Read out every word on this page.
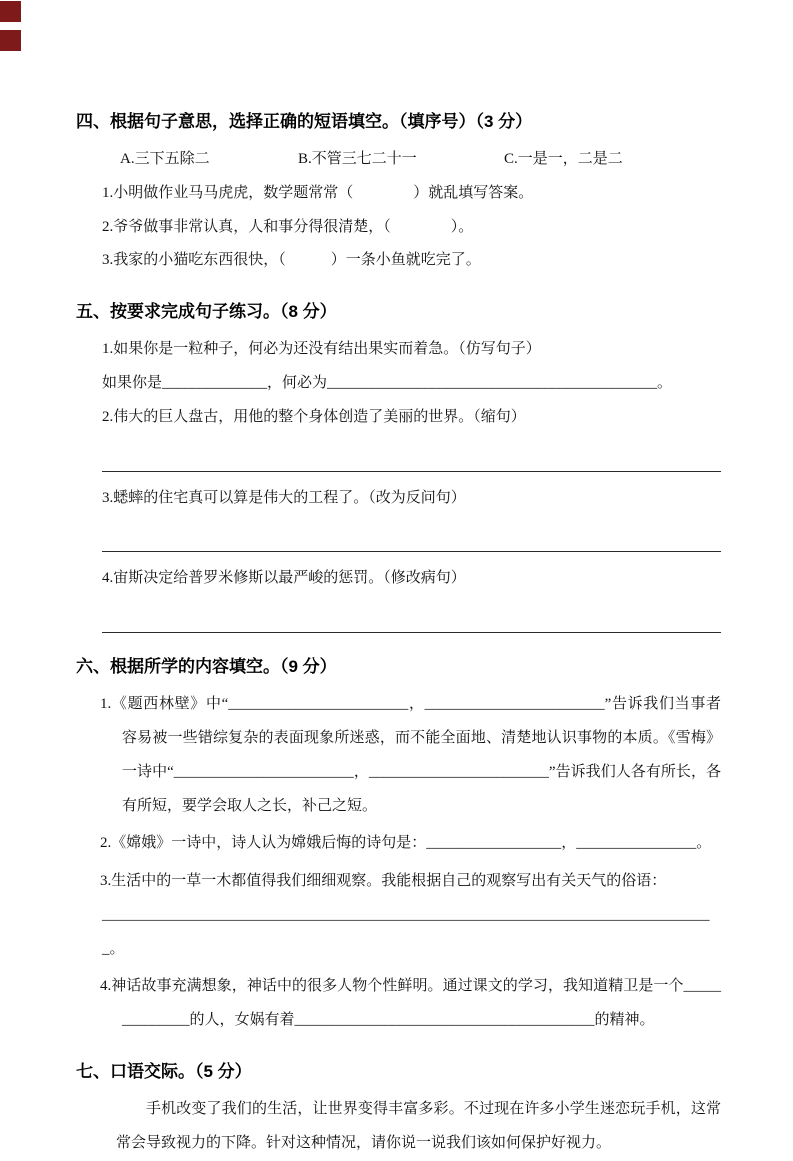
四、根据句子意思，选择正确的短语填空。（填序号）（3 分）
A.三下五除二	B.不管三七二十一	C.一是一，二是二
1.小明做作业马马虎虎，数学题常常（　　　　）就乱填写答案。
2.爷爷做事非常认真，人和事分得很清楚，（　　　　）。
3.我家的小猫吃东西很快，（　　　）一条小鱼就吃完了。
五、按要求完成句子练习。（8 分）
1.如果你是一粒种子，何必为还没有结出果实而着急。（仿写句子）
如果你是______________，何必为____________________________________________。
2.伟大的巨人盘古，用他的整个身体创造了美丽的世界。（缩句）
3.蟋蟀的住宅真可以算是伟大的工程了。（改为反问句）
4.宙斯决定给普罗米修斯以最严峻的惩罚。（修改病句）
六、根据所学的内容填空。（9 分）
1.《题西林壁》中“________________________，________________________”告诉我们当事者容易被一些错综复杂的表面现象所迷惑，而不能全面地、清楚地认识事物的本质。《雪梅》一诗中“________________________，________________________”告诉我们人各有所长，各有所短，要学会取人之长，补己之短。
2.《嫦娥》一诗中，诗人认为嫦娥后悔的诗句是：__________________，________________。
3.生活中的一草一木都值得我们细细观察。我能根据自己的观察写出有关天气的俗语：
__________________________________________________________________________________。
4.神话故事充满想象，神话中的很多人物个性鲜明。通过课文的学习，我知道精卫是一个______________的人，女娲有着________________________________________的精神。
七、口语交际。（5 分）
手机改变了我们的生活，让世界变得丰富多彩。不过现在许多小学生迷恋玩手机，这常常会导致视力的下降。针对这种情况，请你说一说我们该如何保护好视力。
